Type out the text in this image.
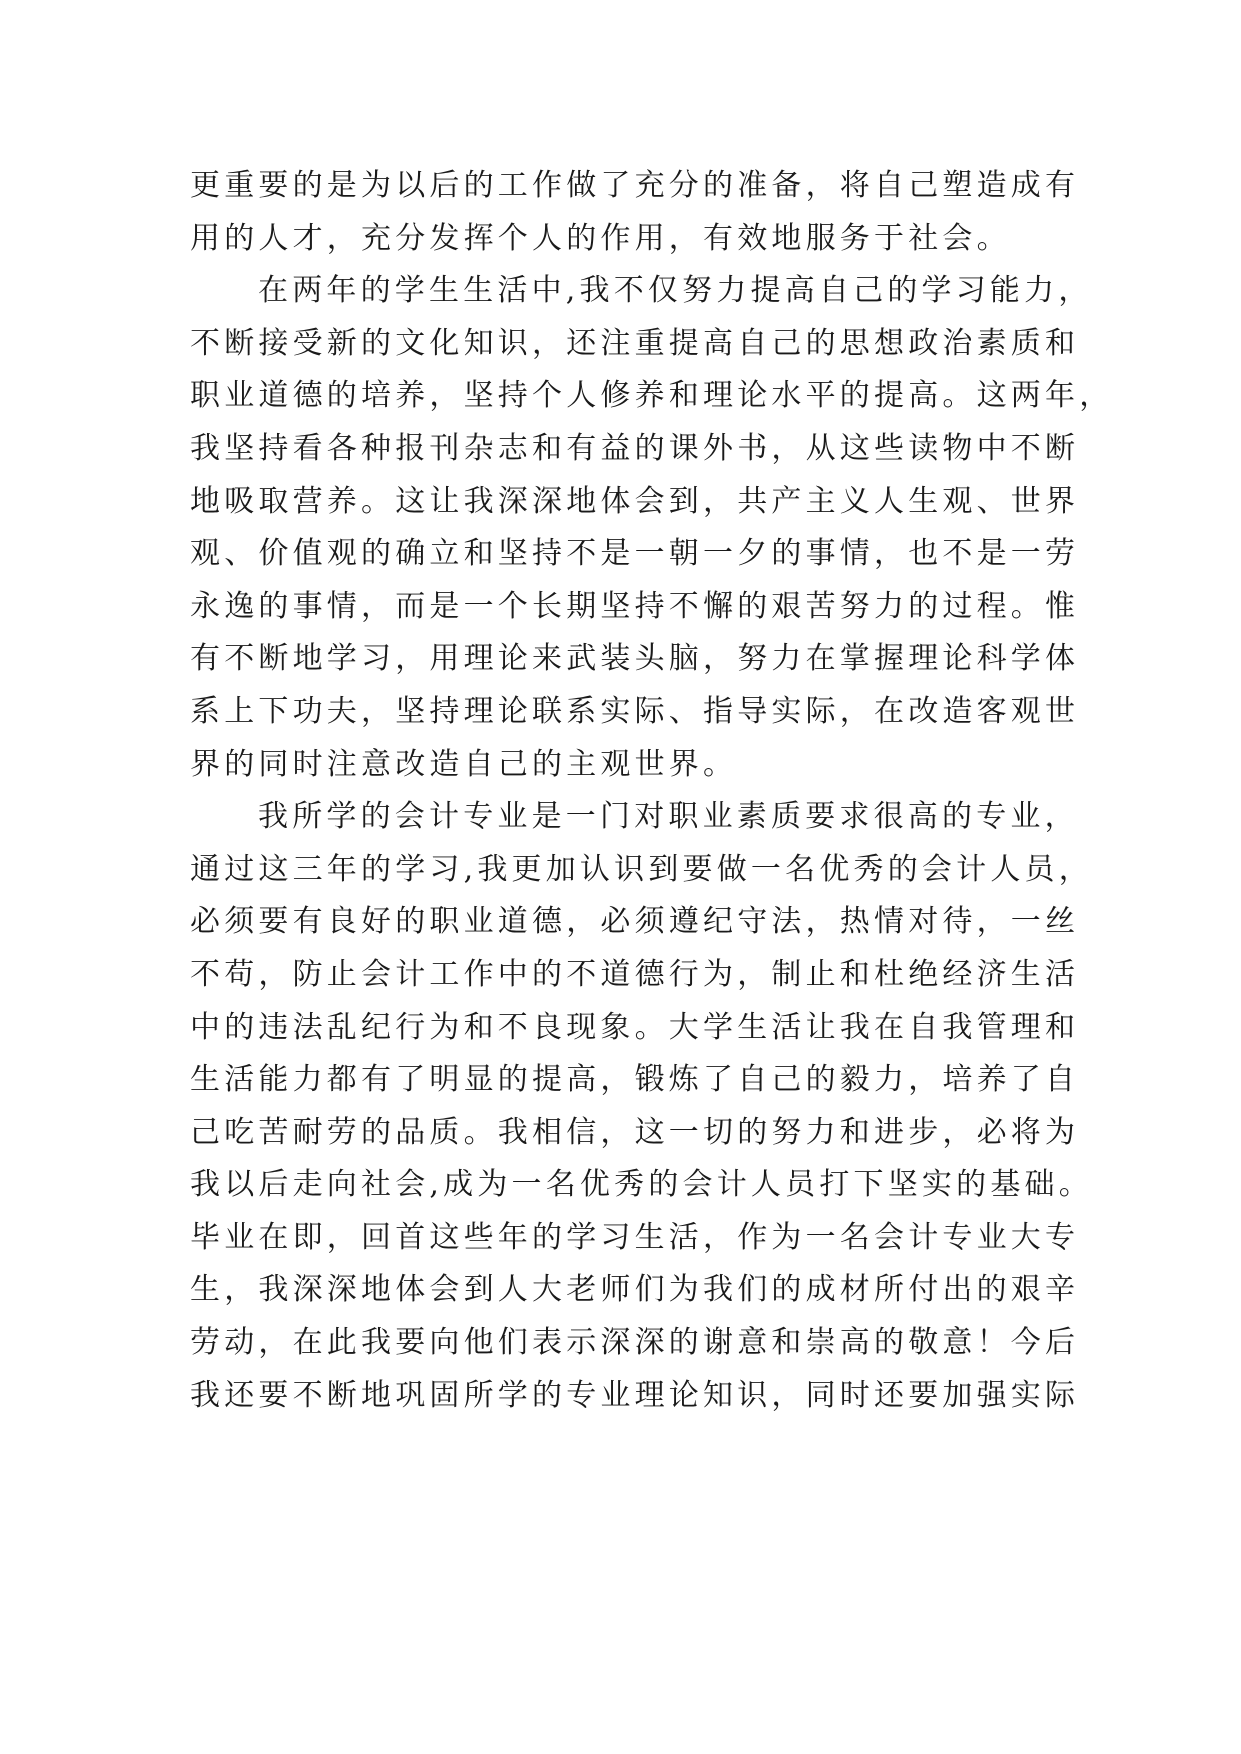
更重要的是为以后的工作做了充分的准备，将自己塑造成有
用的人才，充分发挥个人的作用，有效地服务于社会。
在两年的学生生活中,我不仅努力提高自己的学习能力，
不断接受新的文化知识，还注重提高自己的思想政治素质和
职业道德的培养，坚持个人修养和理论水平的提高。这两年，
我坚持看各种报刊杂志和有益的课外书，从这些读物中不断
地吸取营养。这让我深深地体会到，共产主义人生观、世界
观、价值观的确立和坚持不是一朝一夕的事情，也不是一劳
永逸的事情，而是一个长期坚持不懈的艰苦努力的过程。惟
有不断地学习，用理论来武装头脑，努力在掌握理论科学体
系上下功夫，坚持理论联系实际、指导实际，在改造客观世
界的同时注意改造自己的主观世界。
我所学的会计专业是一门对职业素质要求很高的专业，
通过这三年的学习,我更加认识到要做一名优秀的会计人员，
必须要有良好的职业道德，必须遵纪守法，热情对待，一丝
不苟，防止会计工作中的不道德行为，制止和杜绝经济生活
中的违法乱纪行为和不良现象。大学生活让我在自我管理和
生活能力都有了明显的提高，锻炼了自己的毅力，培养了自
己吃苦耐劳的品质。我相信，这一切的努力和进步，必将为
我以后走向社会,成为一名优秀的会计人员打下坚实的基础。
毕业在即，回首这些年的学习生活，作为一名会计专业大专
生，我深深地体会到人大老师们为我们的成材所付出的艰辛
劳动，在此我要向他们表示深深的谢意和崇高的敬意！今后
我还要不断地巩固所学的专业理论知识，同时还要加强实际
